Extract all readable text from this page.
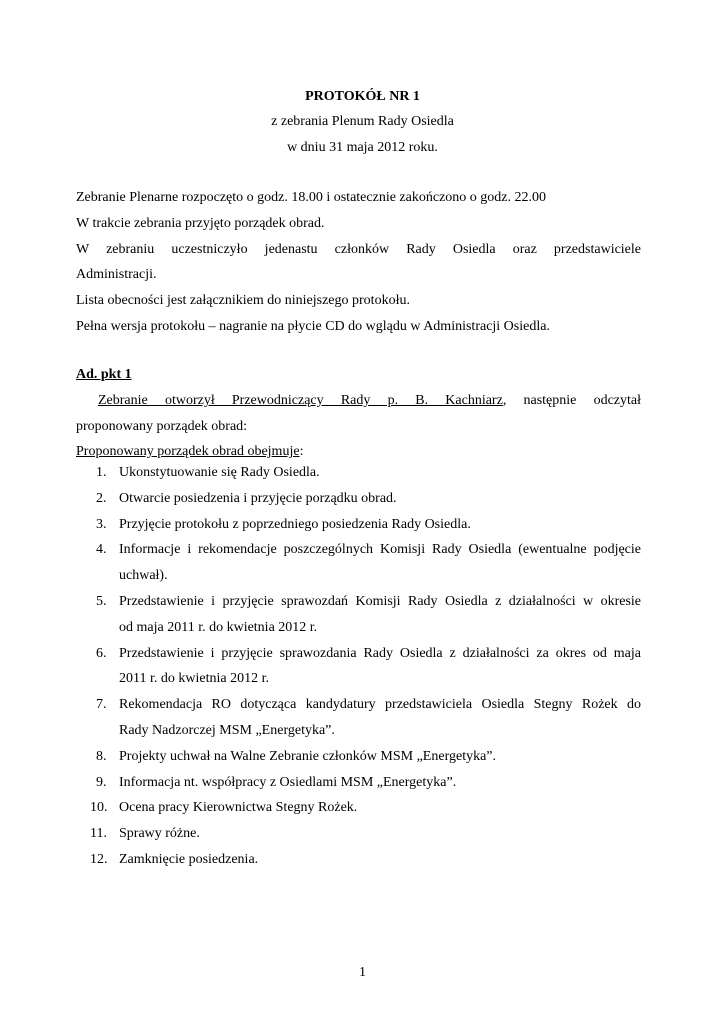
PROTOKÓŁ NR 1
z zebrania Plenum Rady Osiedla
w dniu 31 maja 2012 roku.
Zebranie Plenarne rozpoczęto o godz. 18.00 i ostatecznie zakończono o godz. 22.00
W trakcie zebrania przyjęto porządek obrad.
W zebraniu uczestniczyło jedenastu członków Rady Osiedla oraz przedstawiciele
Administracji.
Lista obecności jest załącznikiem do niniejszego protokołu.
Pełna wersja protokołu – nagranie na płycie CD do wglądu w Administracji Osiedla.
Ad. pkt 1
Zebranie otworzył Przewodniczący Rady p. B. Kachniarz, następnie odczytał
proponowany porządek obrad:
Proponowany porządek obrad obejmuje:
1. Ukonstytuowanie się Rady Osiedla.
2. Otwarcie posiedzenia i przyjęcie porządku obrad.
3. Przyjęcie protokołu z poprzedniego posiedzenia Rady Osiedla.
4. Informacje i rekomendacje poszczególnych Komisji Rady Osiedla (ewentualne podjęcie
uchwał).
5. Przedstawienie i przyjęcie sprawozdań Komisji Rady Osiedla z działalności w okresie
od maja 2011 r. do kwietnia 2012 r.
6. Przedstawienie i przyjęcie sprawozdania Rady Osiedla z działalności za okres od maja
2011 r. do kwietnia 2012 r.
7. Rekomendacja RO dotycząca kandydatury przedstawiciela Osiedla Stegny Rożek do
Rady Nadzorczej MSM „Energetyka”.
8. Projekty uchwał na Walne Zebranie członków MSM „Energetyka”.
9. Informacja nt. współpracy z Osiedlami MSM „Energetyka”.
10. Ocena pracy Kierownictwa Stegny Rożek.
11. Sprawy różne.
12. Zamknięcie posiedzenia.
1
